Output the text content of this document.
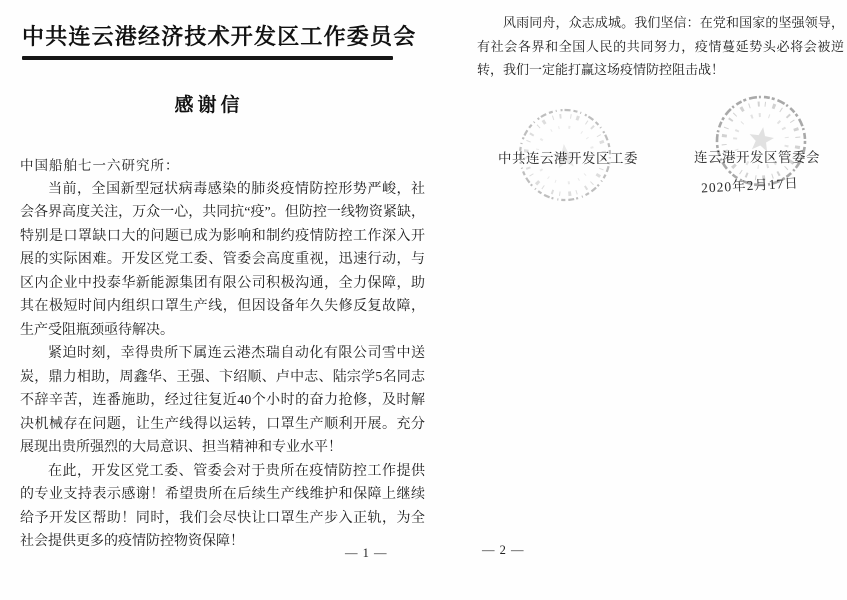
中共连云港经济技术开发区工作委员会
感谢信

中国船舶七一六研究所：

当前，全国新型冠状病毒感染的肺炎疫情防控形势严峻，社会各界高度关注，万众一心，共同抗“疫”。但防控一线物资紧缺，特别是口罩缺口大的问题已成为影响和制约疫情防控工作深入开展的实际困难。开发区党工委、管委会高度重视，迅速行动，与区内企业中投泰华新能源集团有限公司积极沟通，全力保障，助其在极短时间内组织口罩生产线，但因设备年久失修反复故障，生产受阻瓶颈亟待解决。

紧迫时刻，幸得贵所下属连云港杰瑞自动化有限公司雪中送炭，鼎力相助，周鑫华、王强、卞绍顺、卢中志、陆宗学5名同志不辞辛苦，连番施助，经过往复近40个小时的奋力抢修，及时解决机械存在问题，让生产线得以运转，口罩生产顺利开展。充分展现出贵所强烈的大局意识、担当精神和专业水平！

在此，开发区党工委、管委会对于贵所在疫情防控工作提供的专业支持表示感谢！希望贵所在后续生产线维护和保障上继续给予开发区帮助！同时，我们会尽快让口罩生产步入正轨，为全社会提供更多的疫情防控物资保障！

— 1 —

风雨同舟，众志成城。我们坚信：在党和国家的坚强领导，有社会各界和全国人民的共同努力，疫情蔓延势头必将会被逆转，我们一定能打赢这场疫情防控阻击战！

中共连云港开发区工委	连云港开发区管委会
2020年2月17日
— 2 —
